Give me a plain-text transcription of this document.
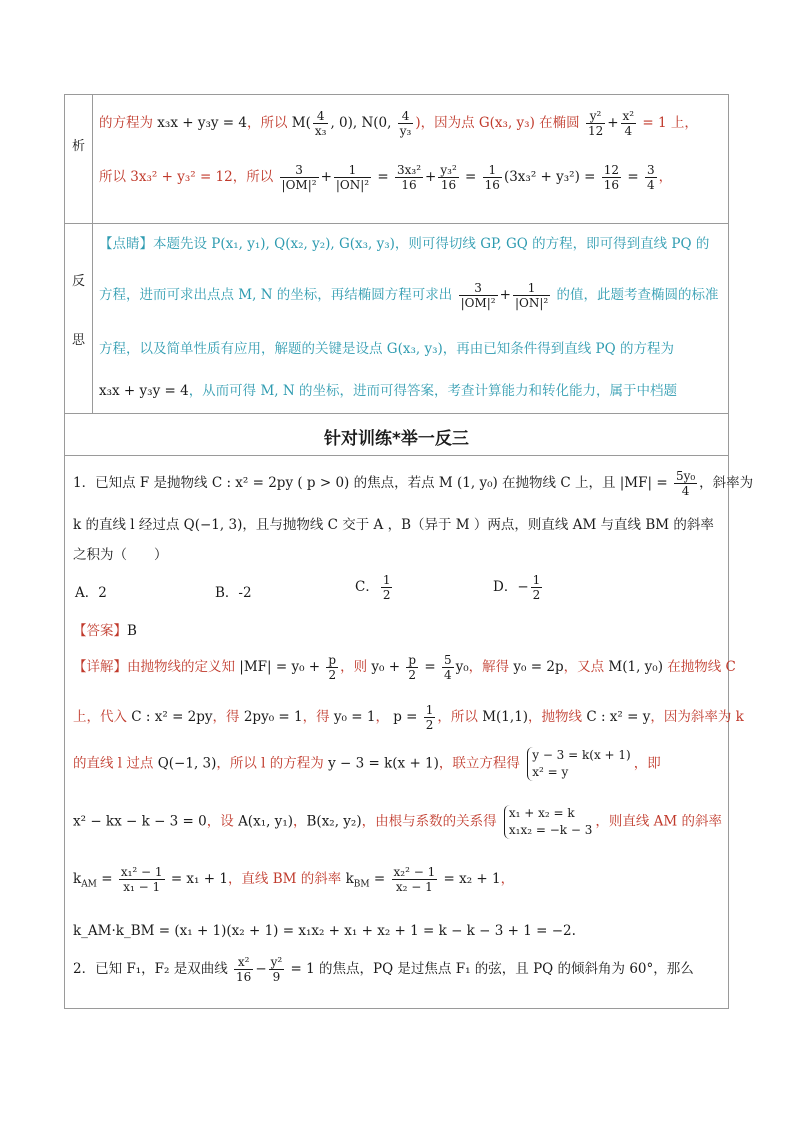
析
的方程为 x₃x + y₃y = 4，所以 $M( \frac{4}{\text{x₃}}$ , 0), N(0, $\frac{4}{\text{y₃}}$ )，因为点 G(x₃, y₃) 在椭圆 $\frac{\text{y²}}{12} + \frac{\text{x²}}{4} = 1$ 上，
所以 3x₃² + y₃² = 12，所以 $\frac{3}{\text{|OM|²}} + \frac{1}{\text{|ON|²}} = \frac{\text{3x₃²}}{16} + \frac{\text{y₃²}}{16} = \frac{1}{16} (3x_3^2 + y_3^2) = \frac{12}{16} = \frac{3}{4}$ ，
反
思
【点睛】本题先设 P(x₁, y₁), Q(x₂, y₂), G(x₃, y₃)，则可得切线 GP, GQ 的方程，即可得到直线 PQ 的
方程，进而可求出点点 M, N 的坐标，再结椭圆方程可求出 $\frac{3}{\text{|OM|²}} + \frac{1}{\text{|ON|²}}$ 的值，此题考查椭圆的标准
方程，以及简单性质有应用，解题的关键是设点 G(x₃, y₃)，再由已知条件得到直线 PQ 的方程为
x₃x + y₃y = 4，从而可得 M, N 的坐标，进而可得答案，考查计算能力和转化能力，属于中档题
针对训练*举一反三
1．已知点 F 是抛物线 C : x² = 2py ( p > 0) 的焦点，若点 M (1, y₀) 在抛物线 C 上，且 $|MF| = \frac{\text{5y₀}}{4}$ ，斜率为
k 的直线 l 经过点 Q(−1, 3)，且与抛物线 C 交于 A ，B（异于 M ）两点，则直线 AM 与直线 BM 的斜率
之积为（　　）
A．2	B．-2	C． $\frac{1}{2}$	D．− $\frac{1}{2}$
【答案】B
【详解】由抛物线的定义知 $|MF| = y_0 + \frac{p}{2}$ ，则 $y_0 + \frac{p}{2} = \frac{5}{4} y_0$，解得 y₀ = 2p，又点 M(1, y₀) 在抛物线 C
上，代入 C : x² = 2py，得 2py₀ = 1，得 y₀ = 1， $p = \frac{1}{2}$ ，所以 M(1,1)，抛物线 C : x² = y，因为斜率为 k
的直线 l 过点 Q(−1, 3)，所以 l 的方程为 y − 3 = k(x + 1)，联立方程得
y − 3 = k(x + 1)
x² = y
，即
x² − kx − k − 3 = 0，设 A(x₁, y₁)，B(x₂, y₂)，由根与系数的关系得
x₁ + x₂ = k
x₁x₂ = −k − 3
，则直线 AM 的斜率
$k_{AM} = \frac{\text{x₁² − 1}}{\text{x₁ − 1}} = x_1 + 1$，直线 BM 的斜率 $k_{BM} = \frac{\text{x₂² − 1}}{\text{x₂ − 1}} = x_2 + 1$，
k_AM·k_BM = (x₁ + 1)(x₂ + 1) = x₁x₂ + x₁ + x₂ + 1 = k − k − 3 + 1 = −2.
2．已知 F₁，F₂ 是双曲线 $\frac{\text{x²}}{16} - \frac{\text{y²}}{9} = 1$ 的焦点，PQ 是过焦点 F₁ 的弦，且 PQ 的倾斜角为 60°，那么
